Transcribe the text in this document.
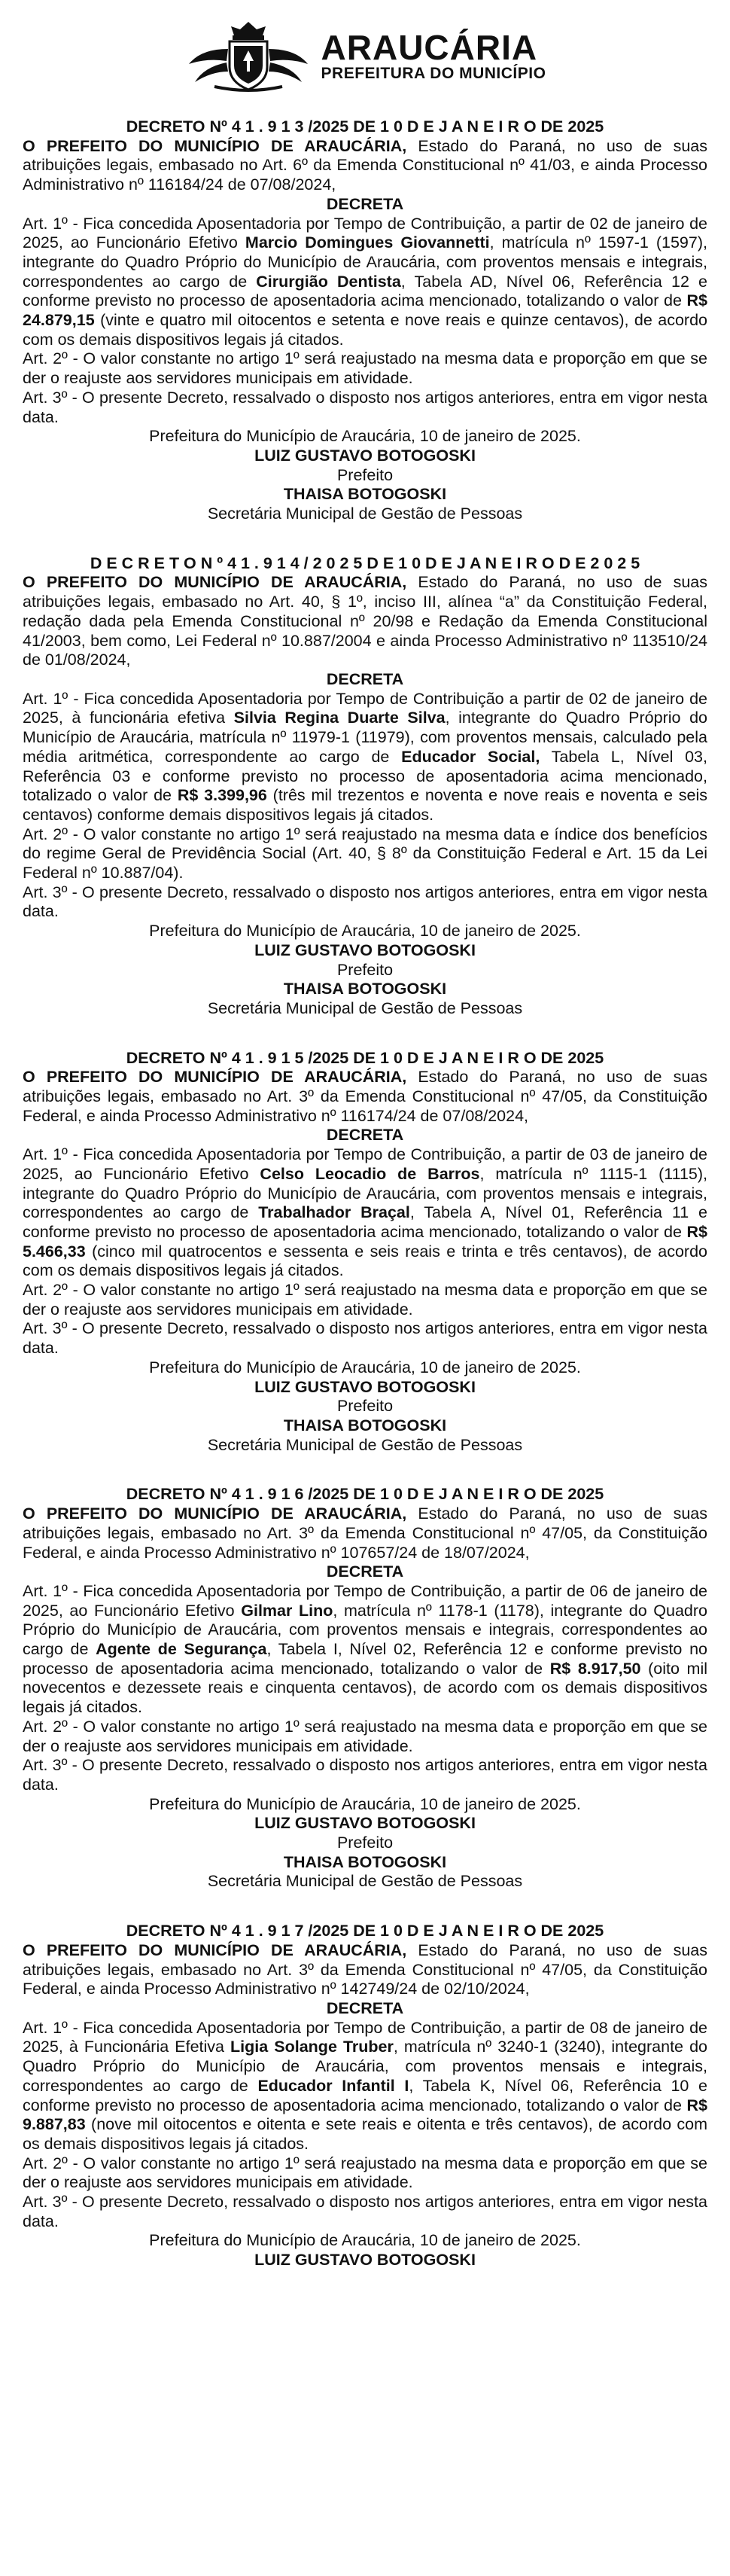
ARAUCÁRIA
PREFEITURA DO MUNICÍPIO

DECRETO Nº 4 1 . 9 1 3 /2025 DE 1 0 D E J A N E I R O DE 2025

O PREFEITO DO MUNICÍPIO DE ARAUCÁRIA, Estado do Paraná, no uso de suas atribuições legais, embasado no Art. 6º da Emenda Constitucional nº 41/03, e ainda Processo Administrativo nº 116184/24 de 07/08/2024,

DECRETA

Art. 1º - Fica concedida Aposentadoria por Tempo de Contribuição, a partir de 02 de janeiro de 2025, ao Funcionário Efetivo Marcio Domingues Giovannetti, matrícula nº 1597-1 (1597), integrante do Quadro Próprio do Município de Araucária, com proventos mensais e integrais, correspondentes ao cargo de Cirurgião Dentista, Tabela AD, Nível 06, Referência 12 e conforme previsto no processo de aposentadoria acima mencionado, totalizando o valor de R$ 24.879,15 (vinte e quatro mil oitocentos e setenta e nove reais e quinze centavos), de acordo com os demais dispositivos legais já citados.

Art. 2º - O valor constante no artigo 1º será reajustado na mesma data e proporção em que se der o reajuste aos servidores municipais em atividade.

Art. 3º - O presente Decreto, ressalvado o disposto nos artigos anteriores, entra em vigor nesta data.

Prefeitura do Município de Araucária, 10 de janeiro de 2025.

LUIZ GUSTAVO BOTOGOSKI

Prefeito

THAISA BOTOGOSKI

Secretária Municipal de Gestão de Pessoas

D E C R E T O N º 4 1 . 9 1 4 / 2 0 2 5 D E 1 0 D E J A N E I R O D E 2 0 2 5

O PREFEITO DO MUNICÍPIO DE ARAUCÁRIA, Estado do Paraná, no uso de suas atribuições legais, embasado no Art. 40, § 1º, inciso III, alínea “a” da Constituição Federal, redação dada pela Emenda Constitucional nº 20/98 e Redação da Emenda Constitucional 41/2003, bem como, Lei Federal nº 10.887/2004 e ainda Processo Administrativo nº 113510/24 de 01/08/2024,

DECRETA

Art. 1º - Fica concedida Aposentadoria por Tempo de Contribuição a partir de 02 de janeiro de 2025, à funcionária efetiva Silvia Regina Duarte Silva, integrante do Quadro Próprio do Município de Araucária, matrícula nº 11979-1 (11979), com proventos mensais, calculado pela média aritmética, correspondente ao cargo de Educador Social, Tabela L, Nível 03, Referência 03 e conforme previsto no processo de aposentadoria acima mencionado, totalizado o valor de R$ 3.399,96 (três mil trezentos e noventa e nove reais e noventa e seis centavos) conforme demais dispositivos legais já citados.

Art. 2º - O valor constante no artigo 1º será reajustado na mesma data e índice dos benefícios do regime Geral de Previdência Social (Art. 40, § 8º da Constituição Federal e Art. 15 da Lei Federal nº 10.887/04).

Art. 3º - O presente Decreto, ressalvado o disposto nos artigos anteriores, entra em vigor nesta data.

Prefeitura do Município de Araucária, 10 de janeiro de 2025.

LUIZ GUSTAVO BOTOGOSKI

Prefeito

THAISA BOTOGOSKI

Secretária Municipal de Gestão de Pessoas

DECRETO Nº 4 1 . 9 1 5 /2025 DE 1 0 D E J A N E I R O DE 2025

O PREFEITO DO MUNICÍPIO DE ARAUCÁRIA, Estado do Paraná, no uso de suas atribuições legais, embasado no Art. 3º da Emenda Constitucional nº 47/05, da Constituição Federal, e ainda Processo Administrativo nº 116174/24 de 07/08/2024,

DECRETA

Art. 1º - Fica concedida Aposentadoria por Tempo de Contribuição, a partir de 03 de janeiro de 2025, ao Funcionário Efetivo Celso Leocadio de Barros, matrícula nº 1115-1 (1115), integrante do Quadro Próprio do Município de Araucária, com proventos mensais e integrais, correspondentes ao cargo de Trabalhador Braçal, Tabela A, Nível 01, Referência 11 e conforme previsto no processo de aposentadoria acima mencionado, totalizando o valor de R$ 5.466,33 (cinco mil quatrocentos e sessenta e seis reais e trinta e três centavos), de acordo com os demais dispositivos legais já citados.

Art. 2º - O valor constante no artigo 1º será reajustado na mesma data e proporção em que se der o reajuste aos servidores municipais em atividade.

Art. 3º - O presente Decreto, ressalvado o disposto nos artigos anteriores, entra em vigor nesta data.

Prefeitura do Município de Araucária, 10 de janeiro de 2025.

LUIZ GUSTAVO BOTOGOSKI

Prefeito

THAISA BOTOGOSKI

Secretária Municipal de Gestão de Pessoas

DECRETO Nº 4 1 . 9 1 6 /2025 DE 1 0 D E J A N E I R O DE 2025

O PREFEITO DO MUNICÍPIO DE ARAUCÁRIA, Estado do Paraná, no uso de suas atribuições legais, embasado no Art. 3º da Emenda Constitucional nº 47/05, da Constituição Federal, e ainda Processo Administrativo nº 107657/24 de 18/07/2024,

DECRETA

Art. 1º - Fica concedida Aposentadoria por Tempo de Contribuição, a partir de 06 de janeiro de 2025, ao Funcionário Efetivo Gilmar Lino, matrícula nº 1178-1 (1178), integrante do Quadro Próprio do Município de Araucária, com proventos mensais e integrais, correspondentes ao cargo de Agente de Segurança, Tabela I, Nível 02, Referência 12 e conforme previsto no processo de aposentadoria acima mencionado, totalizando o valor de R$ 8.917,50 (oito mil novecentos e dezessete reais e cinquenta centavos), de acordo com os demais dispositivos legais já citados.

Art. 2º - O valor constante no artigo 1º será reajustado na mesma data e proporção em que se der o reajuste aos servidores municipais em atividade.

Art. 3º - O presente Decreto, ressalvado o disposto nos artigos anteriores, entra em vigor nesta data.

Prefeitura do Município de Araucária, 10 de janeiro de 2025.

LUIZ GUSTAVO BOTOGOSKI

Prefeito

THAISA BOTOGOSKI

Secretária Municipal de Gestão de Pessoas

DECRETO Nº 4 1 . 9 1 7 /2025 DE 1 0 D E J A N E I R O DE 2025

O PREFEITO DO MUNICÍPIO DE ARAUCÁRIA, Estado do Paraná, no uso de suas atribuições legais, embasado no Art. 3º da Emenda Constitucional nº 47/05, da Constituição Federal, e ainda Processo Administrativo nº 142749/24 de 02/10/2024,

DECRETA

Art. 1º - Fica concedida Aposentadoria por Tempo de Contribuição, a partir de 08 de janeiro de 2025, à Funcionária Efetiva Ligia Solange Truber, matrícula nº 3240-1 (3240), integrante do Quadro Próprio do Município de Araucária, com proventos mensais e integrais, correspondentes ao cargo de Educador Infantil I, Tabela K, Nível 06, Referência 10 e conforme previsto no processo de aposentadoria acima mencionado, totalizando o valor de R$ 9.887,83 (nove mil oitocentos e oitenta e sete reais e oitenta e três centavos), de acordo com os demais dispositivos legais já citados.

Art. 2º - O valor constante no artigo 1º será reajustado na mesma data e proporção em que se der o reajuste aos servidores municipais em atividade.

Art. 3º - O presente Decreto, ressalvado o disposto nos artigos anteriores, entra em vigor nesta data.

Prefeitura do Município de Araucária, 10 de janeiro de 2025.

LUIZ GUSTAVO BOTOGOSKI
